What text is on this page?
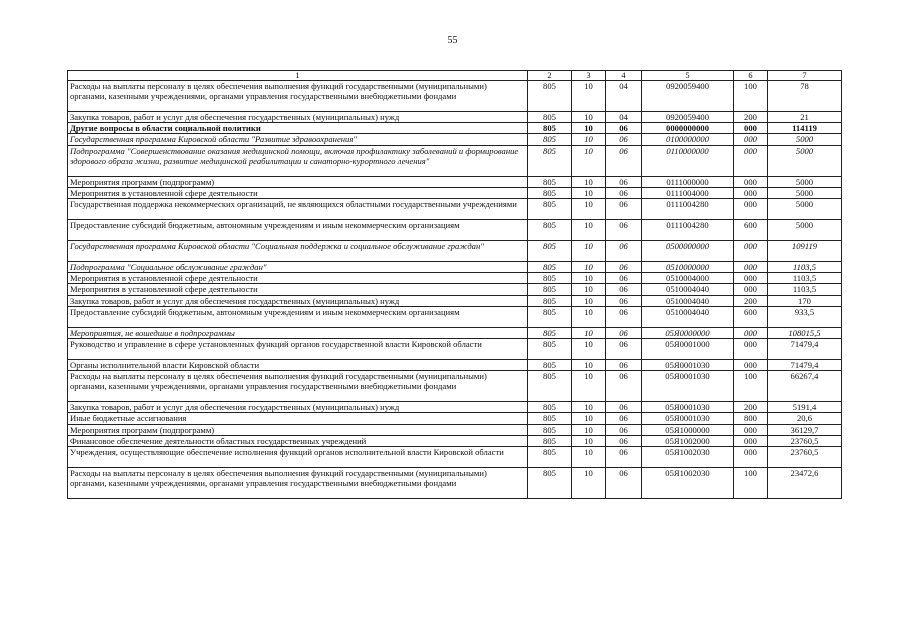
55
1	2	3	4	5	6	7
Расходы на выплаты персоналу в целях обеспечения выполнения функций государственными (муниципальными) органами, казенными учреждениями, органами управления государственными внебюджетными фондами	805	10	04	0920059400	100	78
Закупка товаров, работ и услуг для обеспечения государственных (муниципальных) нужд	805	10	04	0920059400	200	21
Другие вопросы в области социальной политики	805	10	06	0000000000	000	114119
Государственная программа Кировской области "Развитие здравоохранения"	805	10	06	0100000000	000	5000
Подпрограмма "Совершенствование оказания медицинской помощи, включая профилактику заболеваний и формирование здорового образа жизни, развитие медицинской реабилитации и санаторно-курортного лечения"	805	10	06	0110000000	000	5000
Мероприятия программ (подпрограмм)	805	10	06	0111000000	000	5000
Мероприятия в установленной сфере деятельности	805	10	06	0111004000	000	5000
Государственная поддержка некоммерческих организаций, не являющихся областными государственными учреждениями	805	10	06	0111004280	000	5000
Предоставление субсидий бюджетным, автономным учреждениям и иным некоммерческим организациям	805	10	06	0111004280	600	5000
Государственная программа Кировской области "Социальная поддержка и социальное обслуживание граждан"	805	10	06	0500000000	000	109119
Подпрограмма "Социальное обслуживание граждан"	805	10	06	0510000000	000	1103,5
Мероприятия в установленной сфере деятельности	805	10	06	0510004000	000	1103,5
Мероприятия в установленной сфере деятельности	805	10	06	0510004040	000	1103,5
Закупка товаров, работ и услуг для обеспечения государственных (муниципальных) нужд	805	10	06	0510004040	200	170
Предоставление субсидий бюджетным, автономным учреждениям и иным некоммерческим организациям	805	10	06	0510004040	600	933,5
Мероприятия, не вошедшие в подпрограммы	805	10	06	05Я0000000	000	108015,5
Руководство и управление в сфере установленных функций органов государственной власти Кировской области	805	10	06	05Я0001000	000	71479,4
Органы исполнительной власти Кировской области	805	10	06	05Я0001030	000	71479,4
Расходы на выплаты персоналу в целях обеспечения выполнения функций государственными (муниципальными) органами, казенными учреждениями, органами управления государственными внебюджетными фондами	805	10	06	05Я0001030	100	66267,4
Закупка товаров, работ и услуг для обеспечения государственных (муниципальных) нужд	805	10	06	05Я0001030	200	5191,4
Иные бюджетные ассигнования	805	10	06	05Я0001030	800	20,6
Мероприятия программ (подпрограмм)	805	10	06	05Я1000000	000	36129,7
Финансовое обеспечение деятельности областных государственных учреждений	805	10	06	05Я1002000	000	23760,5
Учреждения, осуществляющие обеспечение исполнения функций органов исполнительной власти Кировской области	805	10	06	05Я1002030	000	23760,5
Расходы на выплаты персоналу в целях обеспечения выполнения функций государственными (муниципальными) органами, казенными учреждениями, органами управления государственными внебюджетными фондами	805	10	06	05Я1002030	100	23472,6
